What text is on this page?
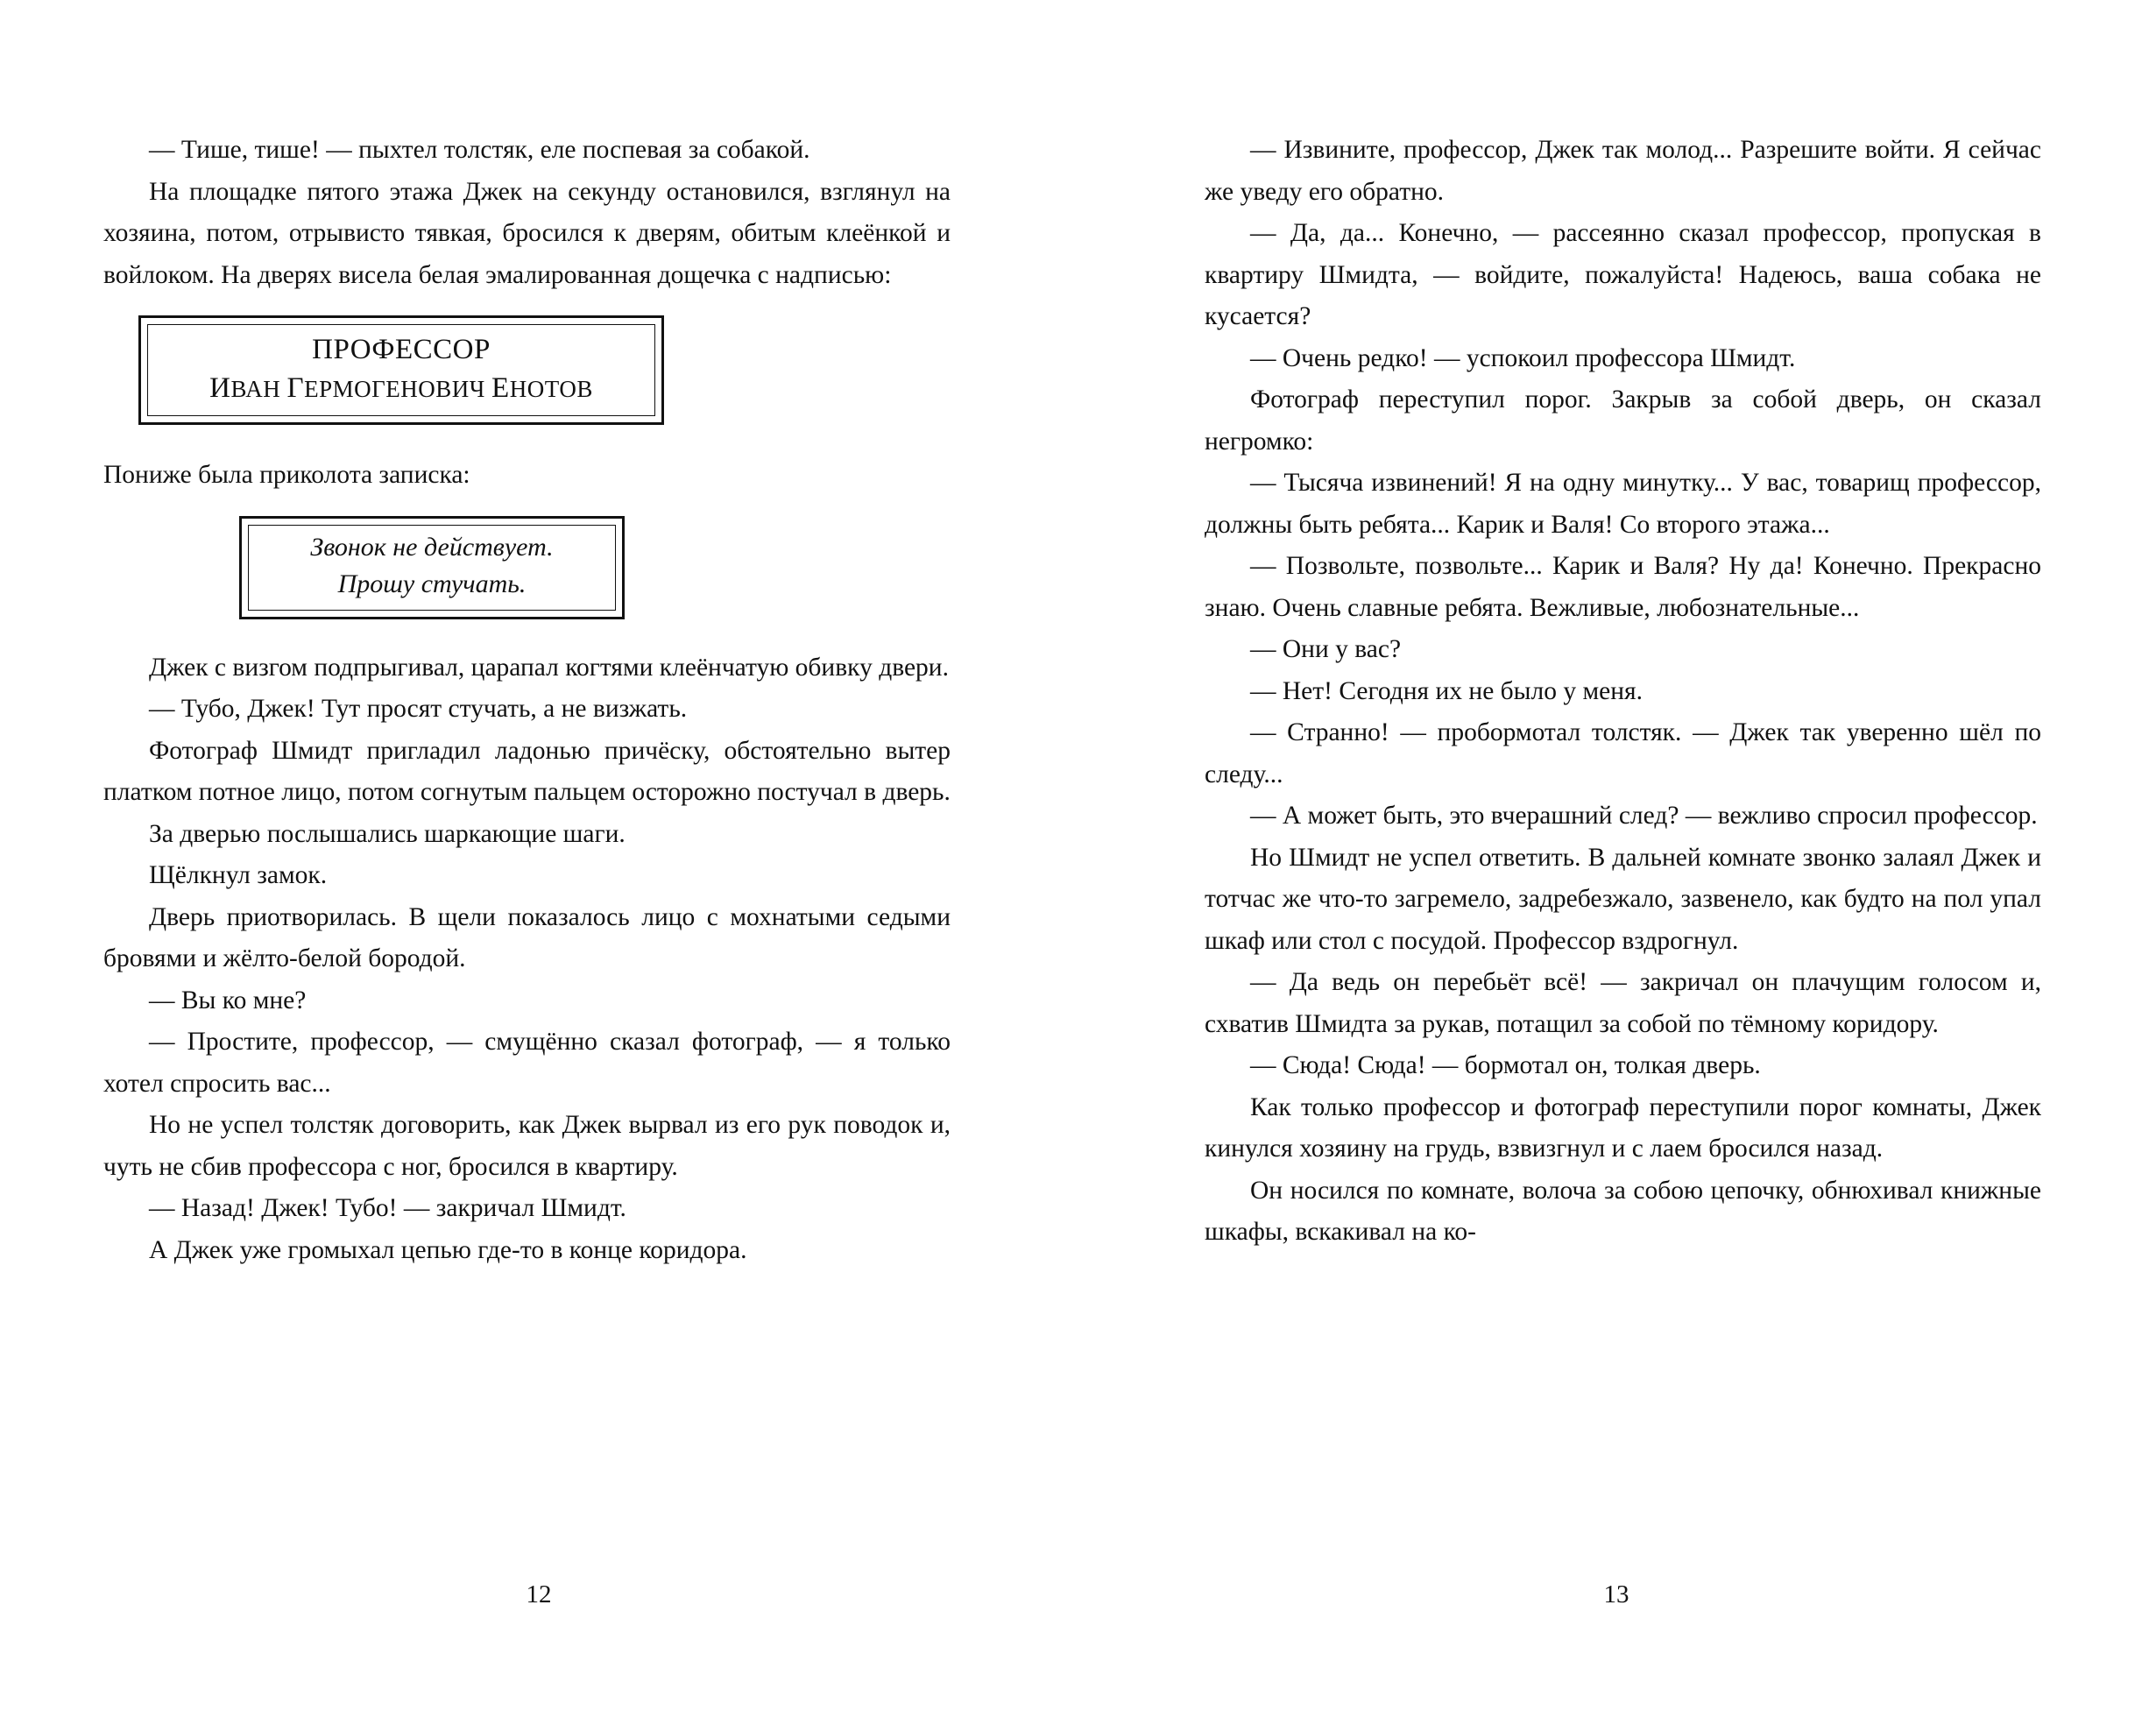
— Тише, тише! — пыхтел толстяк, еле поспевая за собакой.

На площадке пятого этажа Джек на секунду остановился, взглянул на хозяина, потом, отрывисто тявкая, бросился к дверям, обитым клеёнкой и войлоком. На дверях висела белая эмалированная дощечка с надписью:

ПРОФЕССОР
ИВАН ГЕРМОГЕНОВИЧ ЕНОТОВ

Пониже была приколота записка:

Звонок не действует.
Прошу стучать.

Джек с визгом подпрыгивал, царапал когтями клеёнчатую обивку двери.

— Тубо, Джек! Тут просят стучать, а не визжать.

Фотограф Шмидт пригладил ладонью причёску, обстоятельно вытер платком потное лицо, потом согнутым пальцем осторожно постучал в дверь.

За дверью послышались шаркающие шаги.

Щёлкнул замок.

Дверь приотворилась. В щели показалось лицо с мохнатыми седыми бровями и жёлто-белой бородой.

— Вы ко мне?

— Простите, профессор, — смущённо сказал фотограф, — я только хотел спросить вас...

Но не успел толстяк договорить, как Джек вырвал из его рук поводок и, чуть не сбив профессора с ног, бросился в квартиру.

— Назад! Джек! Тубо! — закричал Шмидт.

А Джек уже громыхал цепью где-то в конце коридора.

12

— Извините, профессор, Джек так молод... Разрешите войти. Я сейчас же уведу его обратно.

— Да, да... Конечно, — рассеянно сказал профессор, пропуская в квартиру Шмидта, — войдите, пожалуйста! Надеюсь, ваша собака не кусается?

— Очень редко! — успокоил профессора Шмидт.

Фотограф переступил порог. Закрыв за собой дверь, он сказал негромко:

— Тысяча извинений! Я на одну минутку... У вас, товарищ профессор, должны быть ребята... Карик и Валя! Со второго этажа...

— Позвольте, позвольте... Карик и Валя? Ну да! Конечно. Прекрасно знаю. Очень славные ребята. Вежливые, любознательные...

— Они у вас?

— Нет! Сегодня их не было у меня.

— Странно! — пробормотал толстяк. — Джек так уверенно шёл по следу...

— А может быть, это вчерашний след? — вежливо спросил профессор.

Но Шмидт не успел ответить. В дальней комнате звонко залаял Джек и тотчас же что-то загремело, задребезжало, зазвенело, как будто на пол упал шкаф или стол с посудой. Профессор вздрогнул.

— Да ведь он перебьёт всё! — закричал он плачущим голосом и, схватив Шмидта за рукав, потащил за собой по тёмному коридору.

— Сюда! Сюда! — бормотал он, толкая дверь.

Как только профессор и фотограф переступили порог комнаты, Джек кинулся хозяину на грудь, взвизгнул и с лаем бросился назад.

Он носился по комнате, волоча за собою цепочку, обнюхивал книжные шкафы, вскакивал на ко-

13
